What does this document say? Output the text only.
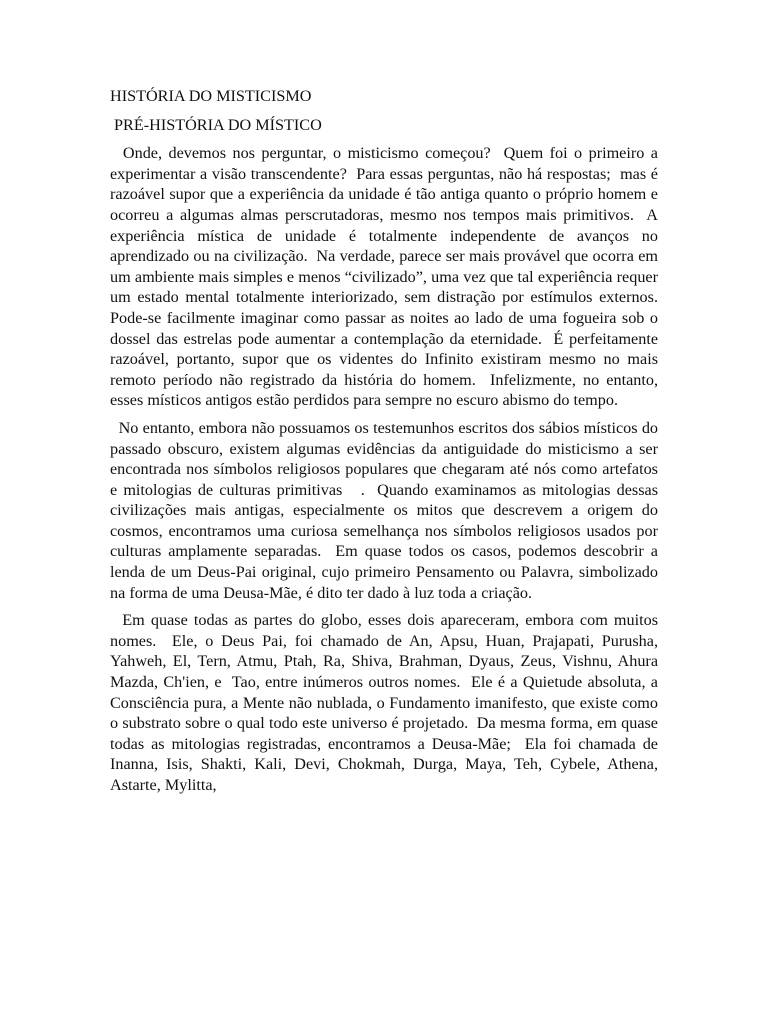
HISTÓRIA DO MISTICISMO

PRÉ-HISTÓRIA DO MÍSTICO

Onde, devemos nos perguntar, o misticismo começou?  Quem foi o primeiro a experimentar a visão transcendente?  Para essas perguntas, não há respostas;  mas é razoável supor que a experiência da unidade é tão antiga quanto o próprio homem e ocorreu a algumas almas perscrutadoras, mesmo nos tempos mais primitivos.  A experiência mística de unidade é totalmente independente de avanços no aprendizado ou na civilização.  Na verdade, parece ser mais provável que ocorra em um ambiente mais simples e menos “civilizado”, uma vez que tal experiência requer um estado mental totalmente interiorizado, sem distração por estímulos externos.  Pode-se facilmente imaginar como passar as noites ao lado de uma fogueira sob o dossel das estrelas pode aumentar a contemplação da eternidade.  É perfeitamente razoável, portanto, supor que os videntes do Infinito existiram mesmo no mais remoto período não registrado da história do homem.  Infelizmente, no entanto, esses místicos antigos estão perdidos para sempre no escuro abismo do tempo.

No entanto, embora não possuamos os testemunhos escritos dos sábios místicos do passado obscuro, existem algumas evidências da antiguidade do misticismo a ser encontrada nos símbolos religiosos populares que chegaram até nós como artefatos e mitologias de culturas primitivas   .  Quando examinamos as mitologias dessas civilizações mais antigas, especialmente os mitos que descrevem a origem do cosmos, encontramos uma curiosa semelhança nos símbolos religiosos usados por culturas amplamente separadas.  Em quase todos os casos, podemos descobrir a lenda de um Deus-Pai original, cujo primeiro Pensamento ou Palavra, simbolizado na forma de uma Deusa-Mãe, é dito ter dado à luz toda a criação.

Em quase todas as partes do globo, esses dois apareceram, embora com muitos nomes.  Ele, o Deus Pai, foi chamado de An, Apsu, Huan, Prajapati, Purusha, Yahweh, El, Tern, Atmu, Ptah, Ra, Shiva, Brahman, Dyaus, Zeus, Vishnu, Ahura Mazda, Ch'ien, e  Tao, entre inúmeros outros nomes.  Ele é a Quietude absoluta, a Consciência pura, a Mente não nublada, o Fundamento imanifesto, que existe como o substrato sobre o qual todo este universo é projetado.  Da mesma forma, em quase todas as mitologias registradas, encontramos a Deusa-Mãe;  Ela foi chamada de Inanna, Isis, Shakti, Kali, Devi, Chokmah, Durga, Maya, Teh, Cybele, Athena, Astarte, Mylitta,
